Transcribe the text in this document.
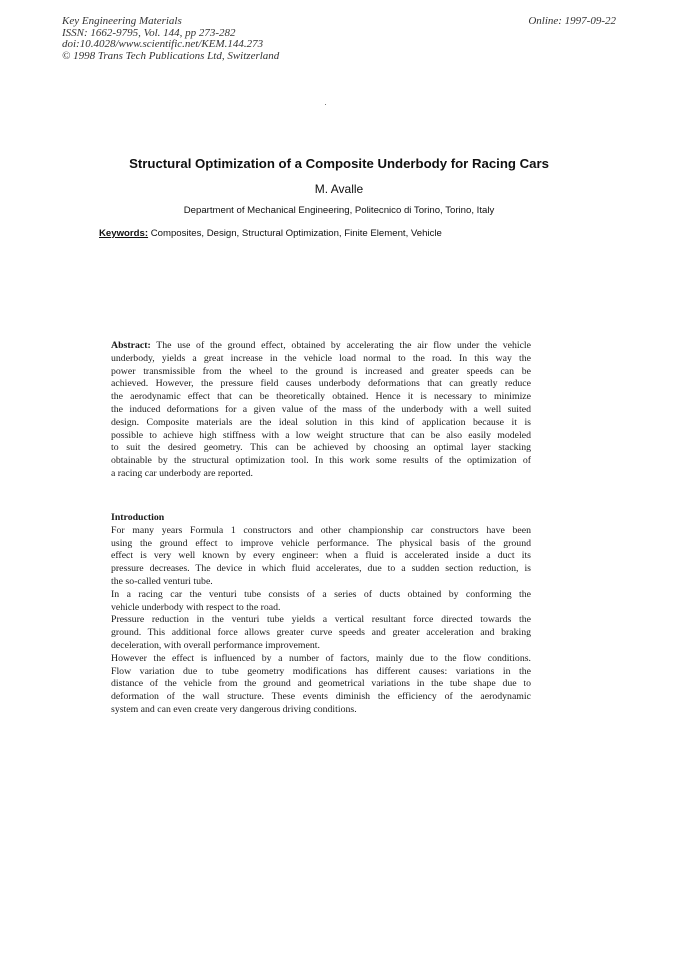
Key Engineering Materials
ISSN: 1662-9795, Vol. 144, pp 273-282
doi:10.4028/www.scientific.net/KEM.144.273
© 1998 Trans Tech Publications Ltd, Switzerland
Online: 1997-09-22
Structural Optimization of a Composite Underbody for Racing Cars
M. Avalle
Department of Mechanical Engineering, Politecnico di Torino, Torino, Italy
Keywords: Composites, Design, Structural Optimization, Finite Element, Vehicle
Abstract: The use of the ground effect, obtained by accelerating the air flow under the vehicle
underbody, yields a great increase in the vehicle load normal to the road. In this way the
power transmissible from the wheel to the ground is increased and greater speeds can be
achieved. However, the pressure field causes underbody deformations that can greatly reduce
the aerodynamic effect that can be theoretically obtained. Hence it is necessary to minimize
the induced deformations for a given value of the mass of the underbody with a well suited
design. Composite materials are the ideal solution in this kind of application because it is
possible to achieve high stiffness with a low weight structure that can be also easily modeled
to suit the desired geometry. This can be achieved by choosing an optimal layer stacking
obtainable by the structural optimization tool. In this work some results of the optimization of
a racing car underbody are reported.
Introduction
For many years Formula 1 constructors and other championship car constructors have been
using the ground effect to improve vehicle performance. The physical basis of the ground
effect is very well known by every engineer: when a fluid is accelerated inside a duct its
pressure decreases. The device in which fluid accelerates, due to a sudden section reduction, is
the so-called venturi tube.
In a racing car the venturi tube consists of a series of ducts obtained by conforming the
vehicle underbody with respect to the road.
Pressure reduction in the venturi tube yields a vertical resultant force directed towards the
ground. This additional force allows greater curve speeds and greater acceleration and braking
deceleration, with overall performance improvement.
However the effect is influenced by a number of factors, mainly due to the flow conditions.
Flow variation due to tube geometry modifications has different causes: variations in the
distance of the vehicle from the ground and geometrical variations in the tube shape due to
deformation of the wall structure. These events diminish the efficiency of the aerodynamic
system and can even create very dangerous driving conditions.
